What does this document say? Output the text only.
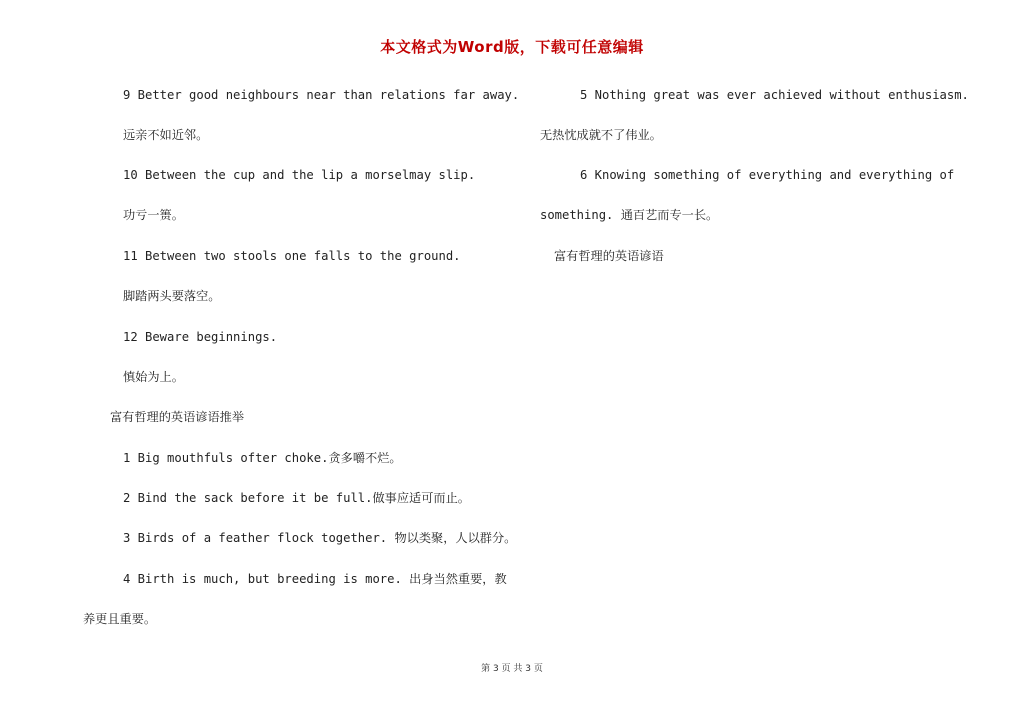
本文格式为Word版，下载可任意编辑
9 Better good neighbours near than relations far away.
远亲不如近邻。
10 Between the cup and the lip a morselmay slip.
功亏一篑。
11 Between two stools one falls to the ground.
脚踏两头要落空。
12 Beware beginnings.
慎始为上。
富有哲理的英语谚语推举
1 Big mouthfuls ofter choke.贪多嚼不烂。
2 Bind the sack before it be full.做事应适可而止。
3 Birds of a feather flock together. 物以类聚，人以群分。
4 Birth is much, but breeding is more. 出身当然重要，教
养更且重要。
5 Nothing great was ever achieved without enthusiasm.
无热忱成就不了伟业。
6 Knowing something of everything and everything of
something. 通百艺而专一长。
富有哲理的英语谚语
第 3 页 共 3 页
